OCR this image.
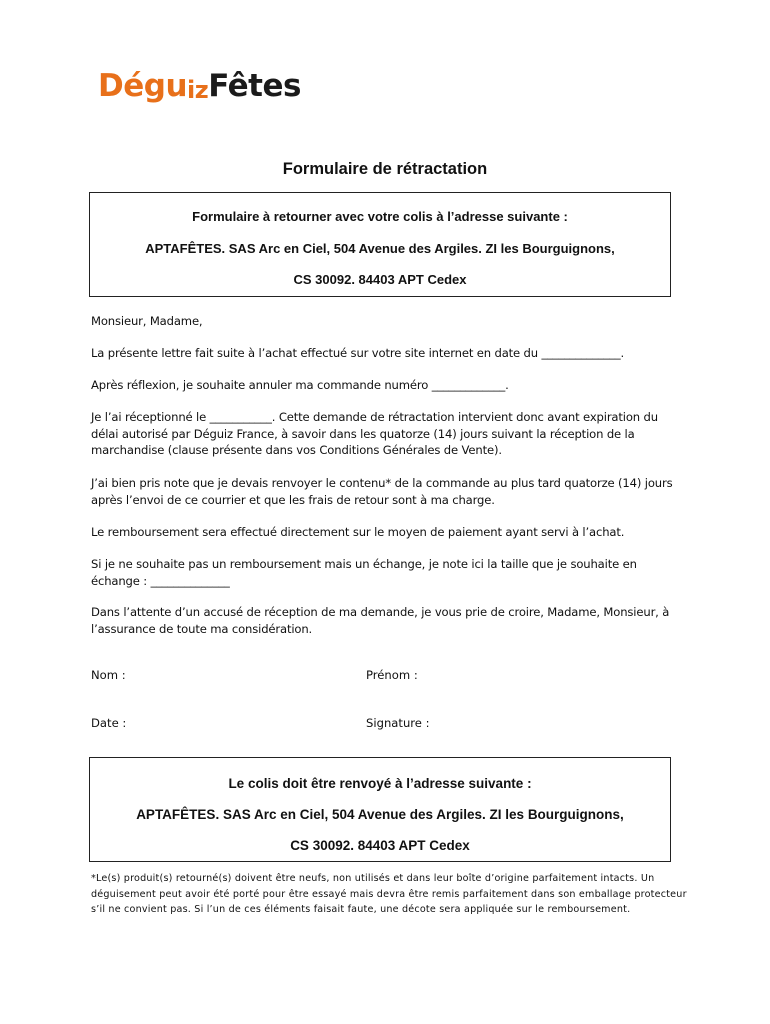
Dégu iz Fêtes
Formulaire de rétractation
Formulaire à retourner avec votre colis à l’adresse suivante :
APTAFÊTES. SAS Arc en Ciel, 504 Avenue des Argiles. ZI les Bourguignons,
CS 30092. 84403 APT Cedex
Monsieur, Madame,
La présente lettre fait suite à l’achat effectué sur votre site internet en date du ______________.
Après réflexion, je souhaite annuler ma commande numéro _____________.
Je l’ai réceptionné le ___________. Cette demande de rétractation intervient donc avant expiration du délai autorisé par Déguiz France, à savoir dans les quatorze (14) jours suivant la réception de la marchandise (clause présente dans vos Conditions Générales de Vente).
J’ai bien pris note que je devais renvoyer le contenu* de la commande au plus tard quatorze (14) jours après l’envoi de ce courrier et que les frais de retour sont à ma charge.
Le remboursement sera effectué directement sur le moyen de paiement ayant servi à l’achat.
Si je ne souhaite pas un remboursement mais un échange, je note ici la taille que je souhaite en échange : ______________
Dans l’attente d’un accusé de réception de ma demande, je vous prie de croire, Madame, Monsieur, à l’assurance de toute ma considération.
Nom :	Prénom :
Date :	Signature :
Le colis doit être renvoyé à l’adresse suivante :
APTAFÊTES. SAS Arc en Ciel, 504 Avenue des Argiles. ZI les Bourguignons,
CS 30092. 84403 APT Cedex
*Le(s) produit(s) retourné(s) doivent être neufs, non utilisés et dans leur boîte d’origine parfaitement intacts. Un déguisement peut avoir été porté pour être essayé mais devra être remis parfaitement dans son emballage protecteur s’il ne convient pas. Si l’un de ces éléments faisait faute, une décote sera appliquée sur le remboursement.
